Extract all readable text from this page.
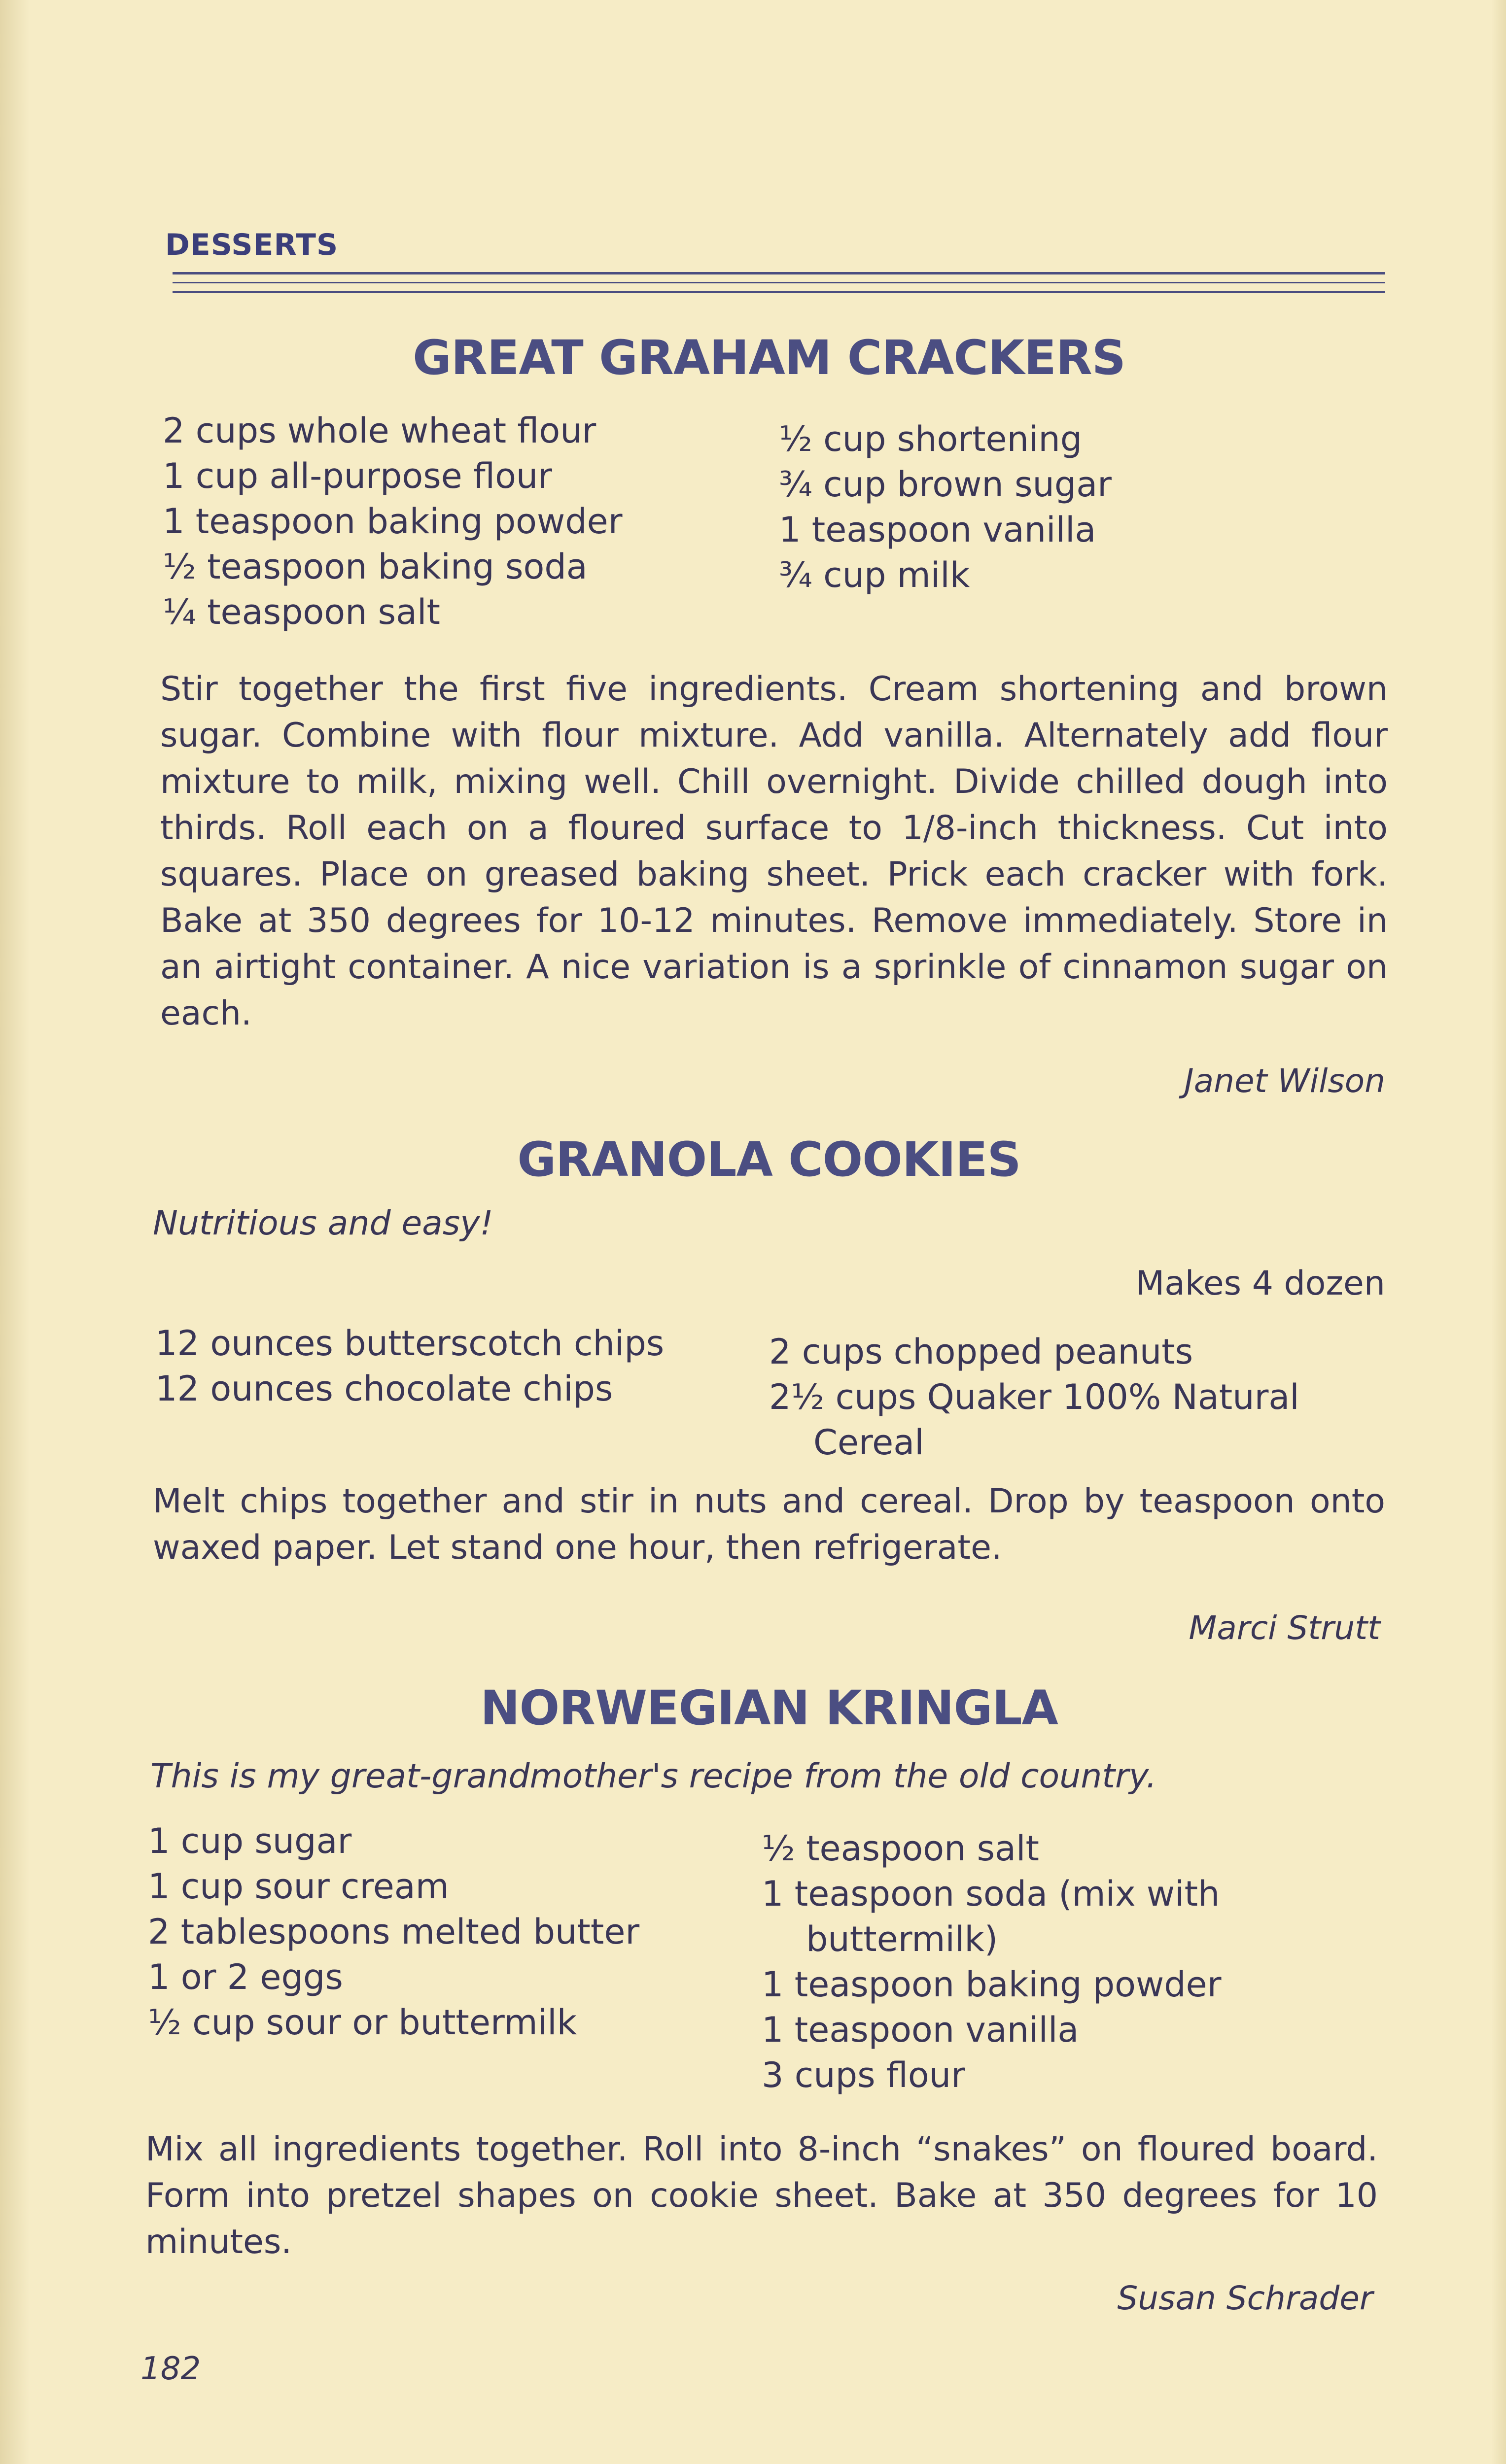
DESSERTS
GREAT GRAHAM CRACKERS
2 cups whole wheat flour
1 cup all-purpose flour
1 teaspoon baking powder
½ teaspoon baking soda
¼ teaspoon salt
½ cup shortening
¾ cup brown sugar
1 teaspoon vanilla
¾ cup milk
Stir together the first five ingredients. Cream shortening and brown sugar. Combine with flour mixture. Add vanilla. Alternately add flour mixture to milk, mixing well. Chill overnight. Divide chilled dough into thirds. Roll each on a floured surface to 1/8-inch thickness. Cut into squares. Place on greased baking sheet. Prick each cracker with fork. Bake at 350 degrees for 10-12 minutes. Remove immediately. Store in an airtight container. A nice variation is a sprinkle of cinnamon sugar on each.
Janet Wilson
GRANOLA COOKIES
Nutritious and easy!
Makes 4 dozen
12 ounces butterscotch chips
12 ounces chocolate chips
2 cups chopped peanuts
2½ cups Quaker 100% Natural
Cereal
Melt chips together and stir in nuts and cereal. Drop by teaspoon onto waxed paper. Let stand one hour, then refrigerate.
Marci Strutt
NORWEGIAN KRINGLA
This is my great-grandmother's recipe from the old country.
1 cup sugar
1 cup sour cream
2 tablespoons melted butter
1 or 2 eggs
½ cup sour or buttermilk
½ teaspoon salt
1 teaspoon soda (mix with
buttermilk)
1 teaspoon baking powder
1 teaspoon vanilla
3 cups flour
Mix all ingredients together. Roll into 8-inch “snakes” on floured board. Form into pretzel shapes on cookie sheet. Bake at 350 degrees for 10 minutes.
Susan Schrader
182
